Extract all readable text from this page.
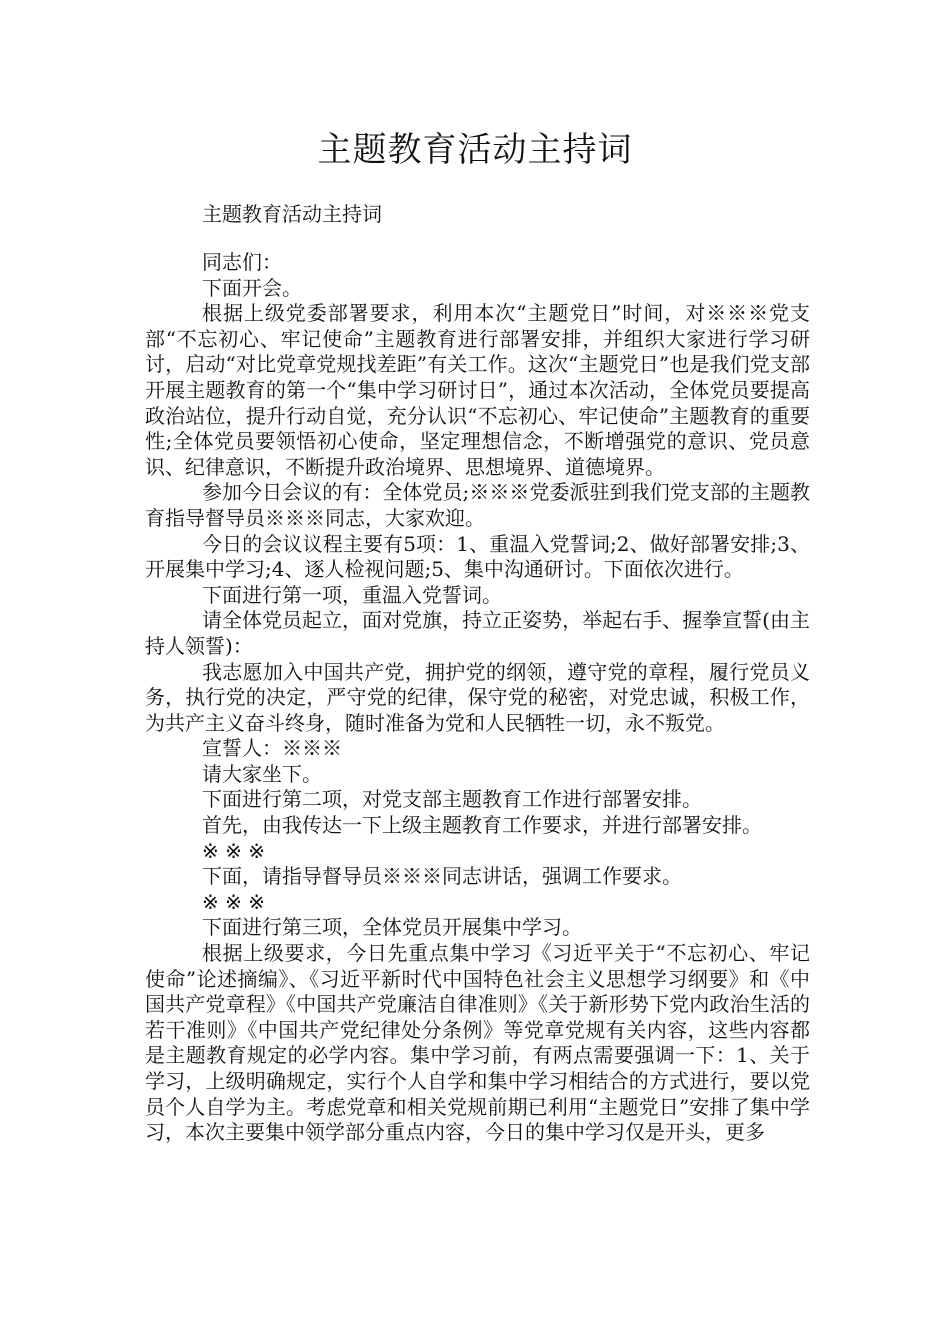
主题教育活动主持词
主题教育活动主持词

同志们：

下面开会。

根据上级党委部署要求，利用本次“主题党日”时间，对※※※党支部“不忘初心、牢记使命”主题教育进行部署安排，并组织大家进行学习研讨，启动“对比党章党规找差距”有关工作。这次“主题党日”也是我们党支部开展主题教育的第一个“集中学习研讨日”，通过本次活动，全体党员要提高政治站位，提升行动自觉，充分认识“不忘初心、牢记使命”主题教育的重要性;全体党员要领悟初心使命，坚定理想信念，不断增强党的意识、党员意识、纪律意识，不断提升政治境界、思想境界、道德境界。

参加今日会议的有：全体党员;※※※党委派驻到我们党支部的主题教育指导督导员※※※同志，大家欢迎。

今日的会议议程主要有5项：1、重温入党誓词;2、做好部署安排;3、开展集中学习;4、逐人检视问题;5、集中沟通研讨。下面依次进行。

下面进行第一项，重温入党誓词。

请全体党员起立，面对党旗，持立正姿势，举起右手、握拳宣誓(由主持人领誓)：

我志愿加入中国共产党，拥护党的纲领，遵守党的章程，履行党员义务，执行党的决定，严守党的纪律，保守党的秘密，对党忠诚，积极工作，为共产主义奋斗终身，随时准备为党和人民牺牲一切，永不叛党。

宣誓人：※※※

请大家坐下。

下面进行第二项，对党支部主题教育工作进行部署安排。

首先，由我传达一下上级主题教育工作要求，并进行部署安排。

※ ※ ※

下面，请指导督导员※※※同志讲话，强调工作要求。

※ ※ ※

下面进行第三项，全体党员开展集中学习。

根据上级要求，今日先重点集中学习《习近平关于“不忘初心、牢记使命”论述摘编》、《习近平新时代中国特色社会主义思想学习纲要》和《中国共产党章程》《中国共产党廉洁自律准则》《关于新形势下党内政治生活的若干准则》《中国共产党纪律处分条例》等党章党规有关内容，这些内容都是主题教育规定的必学内容。集中学习前，有两点需要强调一下：1、关于学习，上级明确规定，实行个人自学和集中学习相结合的方式进行，要以党员个人自学为主。考虑党章和相关党规前期已利用“主题党日”安排了集中学习，本次主要集中领学部分重点内容，今日的集中学习仅是开头，更多
